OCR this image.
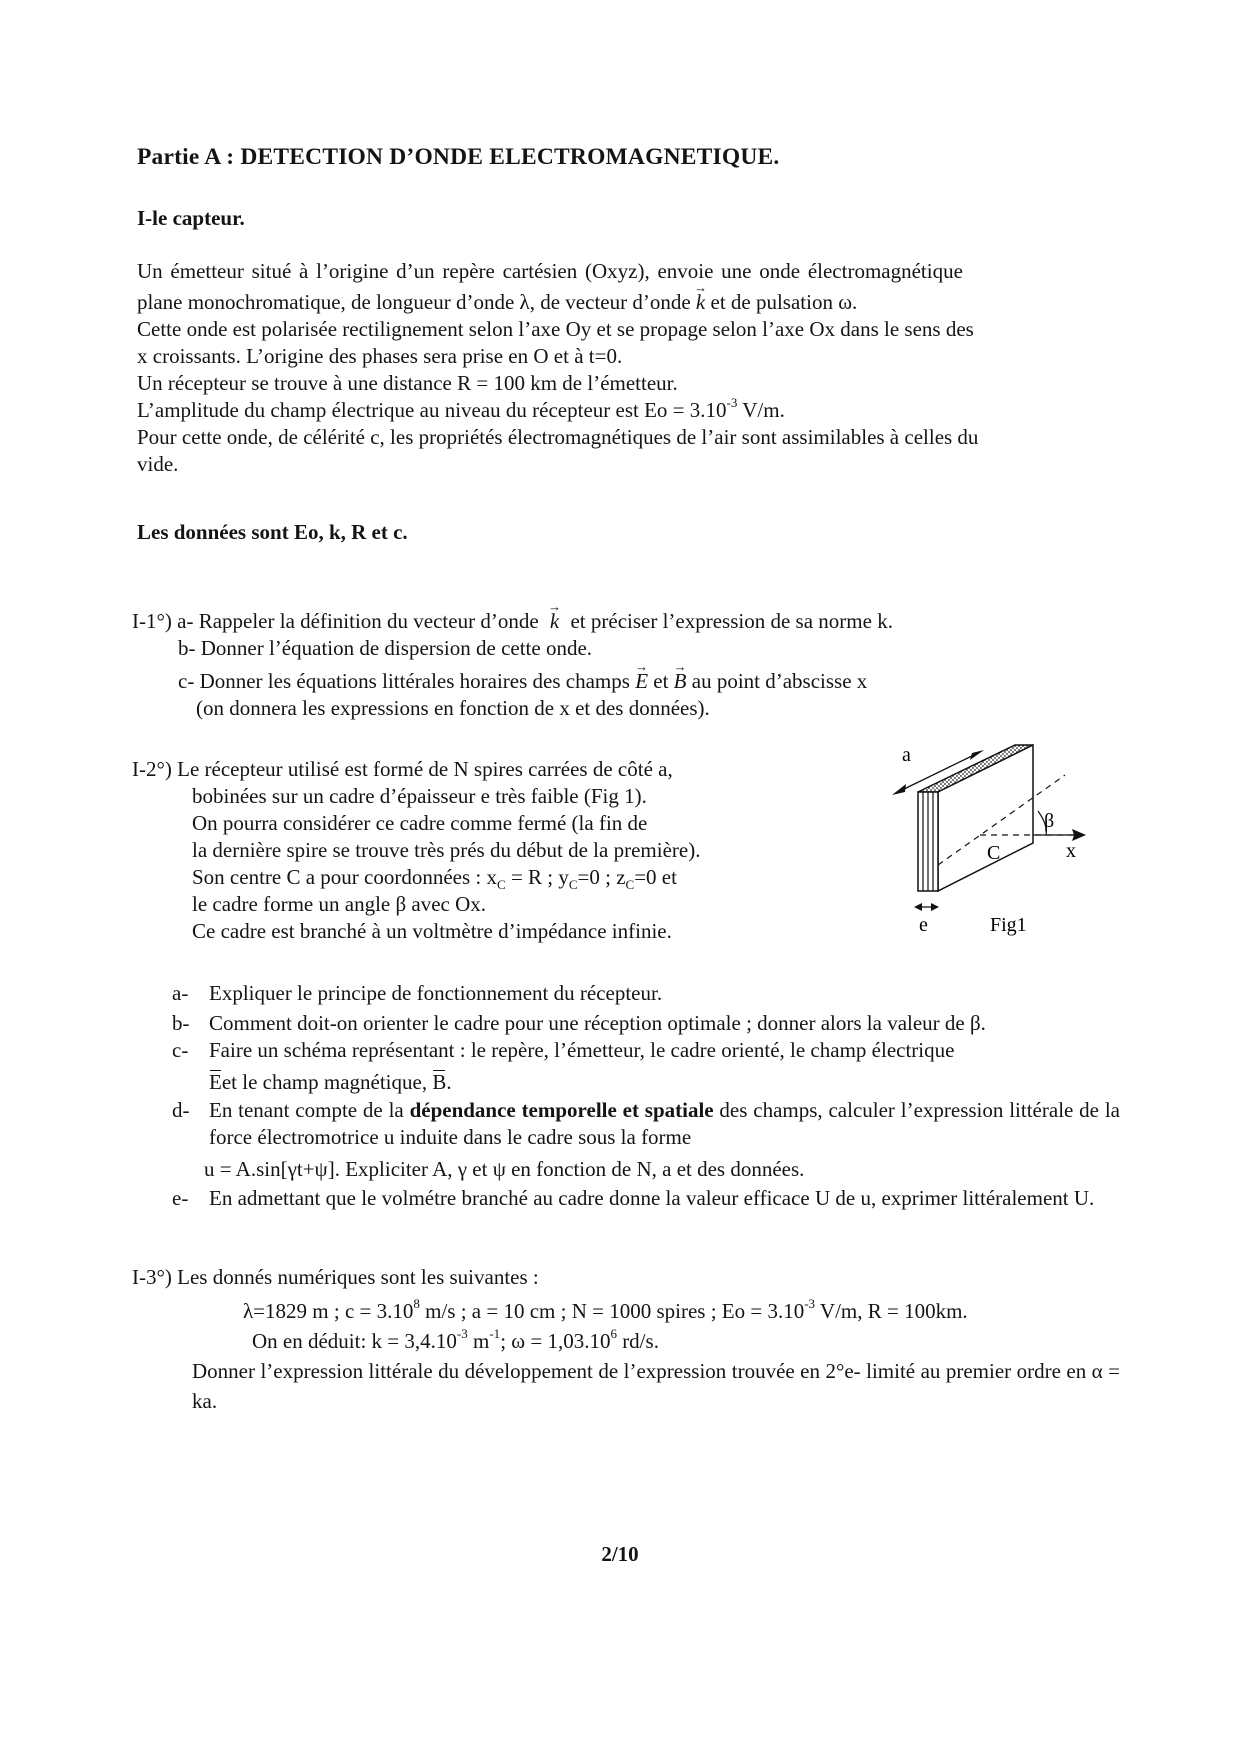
Partie A : DETECTION D’ONDE ELECTROMAGNETIQUE.
I-le capteur.
Un émetteur situé à l’origine d’un repère cartésien (Oxyz), envoie une onde électromagnétique
plane monochromatique, de longueur d’onde λ, de vecteur d’onde → k et de pulsation ω.
Cette onde est polarisée rectilignement selon l’axe Oy et se propage selon l’axe Ox dans le sens des
x croissants. L’origine des phases sera prise en O et à t=0.
Un récepteur se trouve à une distance R = 100 km de l’émetteur.
L’amplitude du champ électrique au niveau du récepteur est $Eo = 3.10^{-3}$ V/m.
Pour cette onde, de célérité c, les propriétés électromagnétiques de l’air sont assimilables à celles du
vide.
Les données sont Eo, k, R et c.
I-1°) a- Rappeler la définition du vecteur d’onde → k et préciser l’expression de sa norme k.
b- Donner l’équation de dispersion de cette onde.
c- Donner les équations littérales horaires des champs → E et → B au point d’abscisse x
(on donnera les expressions en fonction de x et des données).
I-2°) Le récepteur utilisé est formé de N spires carrées de côté a,
bobinées sur un cadre d’épaisseur e très faible (Fig 1).
On pourra considérer ce cadre comme fermé (la fin de
la dernière spire se trouve très prés du début de la première).
Son centre C a pour coordonnées : $x_C = R$ ; $y_C=0$ ; $z_C=0$ et
le cadre forme un angle β avec Ox.
Ce cadre est branché à un voltmètre d’impédance infinie.
a
β
C	x
e	Fig1
a- Expliquer le principe de fonctionnement du récepteur.
b- Comment doit-on orienter le cadre pour une réception optimale ; donner alors la valeur de β.
c- Faire un schéma représentant : le repère, l’émetteur, le cadre orienté, le champ électrique
Eet le champ magnétique, B.
d- En tenant compte de la dépendance temporelle et spatiale des champs, calculer l’expression littérale de la force électromotrice u induite dans le cadre sous la forme
u = A.sin[γt+ψ]. Expliciter A, γ et ψ en fonction de N, a et des données.
e- En admettant que le volmétre branché au cadre donne la valeur efficace U de u, exprimer littéralement U.
I-3°) Les donnés numériques sont les suivantes :
λ=1829 m ; $c = 3.10^8$ m/s ; a = 10 cm ; N = 1000 spires ; $Eo = 3.10^{-3}$ V/m, R = 100km.
On en déduit: $k = 3,4.10^{-3}$ $m^{-1}$; $\omega = 1,03.10^6$ rd/s.
Donner l’expression littérale du développement de l’expression trouvée en 2°e- limité au premier ordre en α = ka.
2/10
